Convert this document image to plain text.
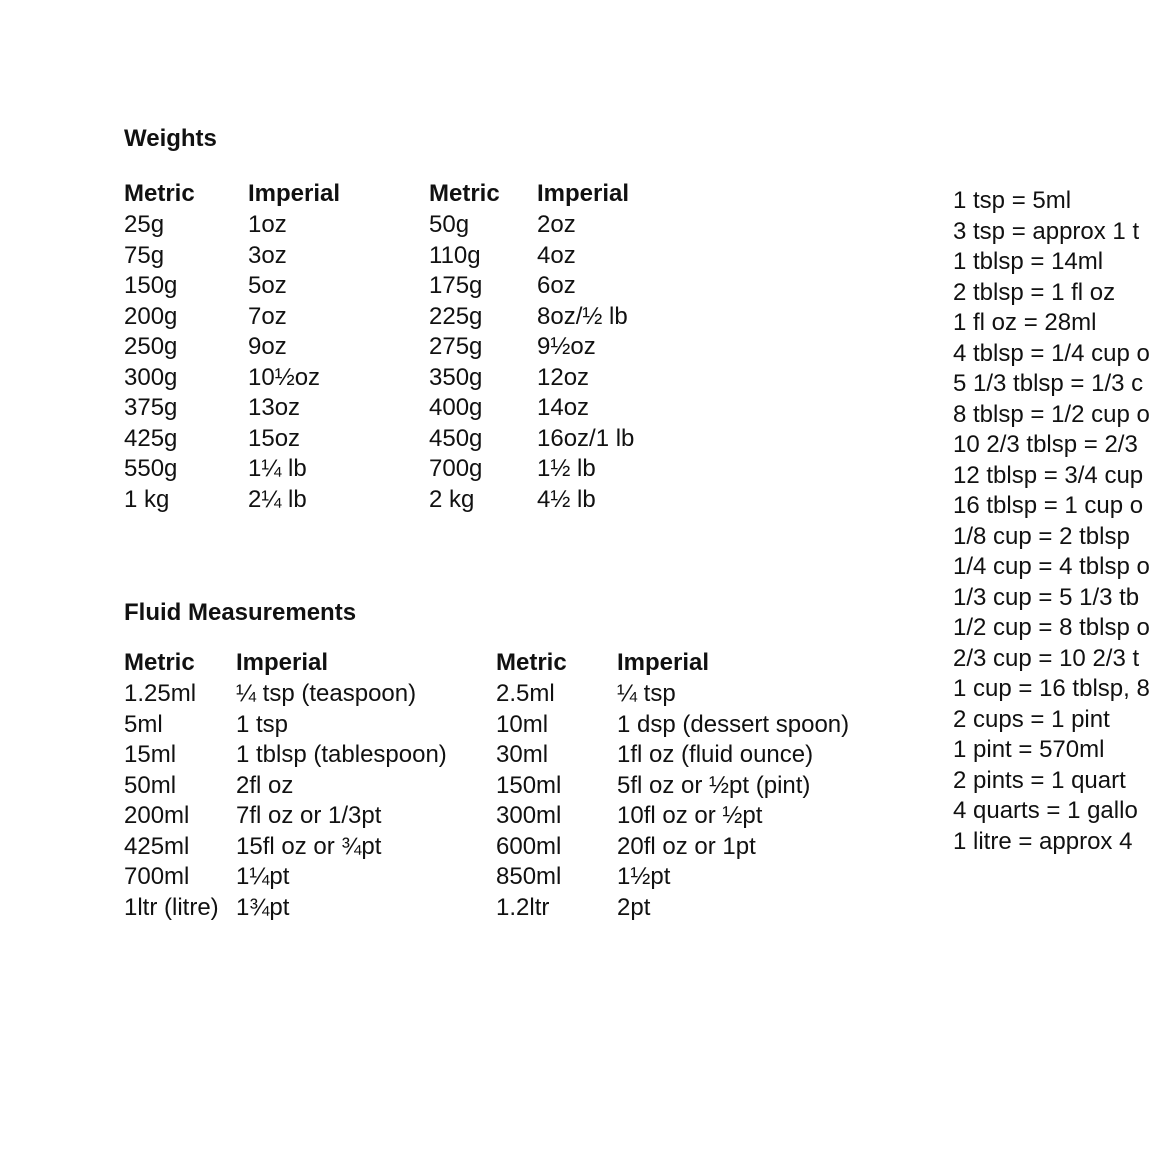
Weights
Metric Imperial	Metric Imperial
25g	1oz	50g	2oz
75g	3oz	110g 4oz
150g	5oz	175g 6oz
200g	7oz	225g 8oz/½ lb
250g	9oz	275g 9½oz
300g	10½oz	350g 12oz
375g	13oz	400g 14oz
425g	15oz	450g 16oz/1 lb
550g	1¼ lb	700g 1½ lb
1 kg	2¼ lb	2 kg	4½ lb
Fluid Measurements
Metric Imperial	Metric Imperial
1.25ml ¼ tsp (teaspoon)	2.5ml	¼ tsp
5ml	1 tsp	10ml	1 dsp (dessert spoon)
15ml 1 tblsp (tablespoon) 30ml	1fl oz (fluid ounce)
50ml 2fl oz	150ml 5fl oz or ½pt (pint)
200ml 7fl oz or 1/3pt	300ml 10fl oz or ½pt
425ml 15fl oz or ¾pt	600ml 20fl oz or 1pt
700ml 1¼pt	850ml 1½pt
1ltr (litre) 1¾pt	1.2ltr	2pt
1 tsp = 5ml
3 tsp = approx 1 t
1 tblsp = 14ml
2 tblsp = 1 fl oz
1 fl oz = 28ml
4 tblsp = 1/4 cup o
5 1/3 tblsp = 1/3 c
8 tblsp = 1/2 cup o
10 2/3 tblsp = 2/3
12 tblsp = 3/4 cup
16 tblsp = 1 cup o
1/8 cup = 2 tblsp
1/4 cup = 4 tblsp o
1/3 cup = 5 1/3 tb
1/2 cup = 8 tblsp o
2/3 cup = 10 2/3 t
1 cup = 16 tblsp, 8
2 cups = 1 pint
1 pint = 570ml
2 pints = 1 quart
4 quarts = 1 gallo
1 litre = approx 4
